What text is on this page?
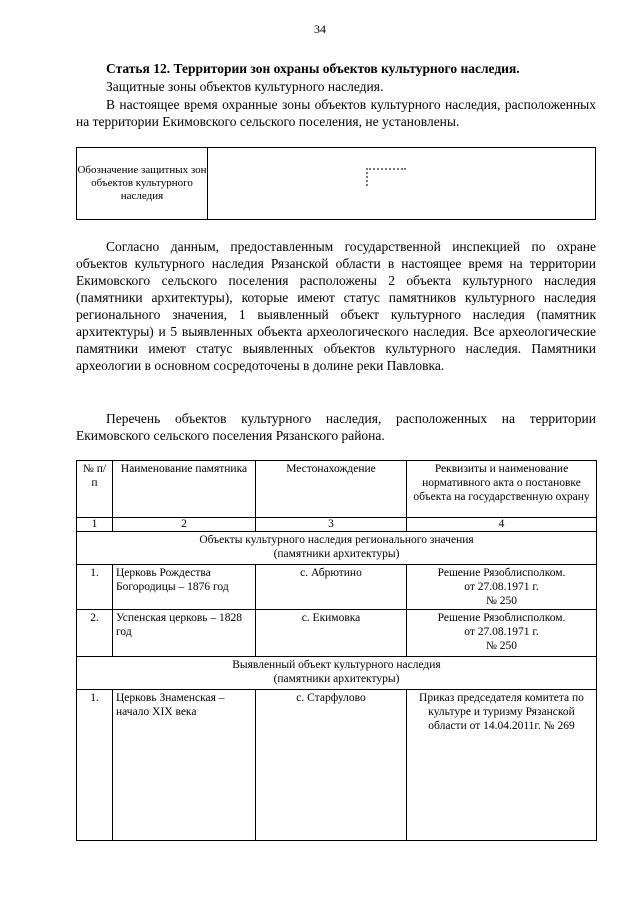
34
Статья 12. Территории зон охраны объектов культурного наследия.

Защитные зоны объектов культурного наследия.

В настоящее время охранные зоны объектов культурного наследия, расположенных на территории Екимовского сельского поселения, не установлены.

Обозначение защитных зон объектов культурного наследия	

Согласно данным, предоставленным государственной инспекцией по охране объектов культурного наследия Рязанской области в настоящее время на территории Екимовского сельского поселения расположены 2 объекта культурного наследия (памятники архитектуры), которые имеют статус памятников культурного наследия регионального значения, 1 выявленный объект культурного наследия (памятник архитектуры) и 5 выявленных объекта археологического наследия. Все археологические памятники имеют статус выявленных объектов культурного наследия. Памятники археологии в основном сосредоточены в долине реки Павловка.

Перечень объектов культурного наследия, расположенных на территории Екимовского сельского поселения Рязанского района.

№ п/п	Наименование памятника	Местонахождение	Реквизиты и наименование нормативного акта о постановке объекта на государственную охрану
1	2	3	4

Объекты культурного наследия регионального значения
(памятники архитектуры)			

1.	Церковь Рождества Богородицы – 1876 год	с. Абрютино	Решение Рязоблисполком.
от 27.08.1971 г.
№ 250

2.	Успенская церковь – 1828 год	с. Екимовка	Решение Рязоблисполком.
от 27.08.1971 г.
№ 250

Выявленный объект культурного наследия
(памятники архитектуры)			

1.	Церковь Знаменская – начало XIX века	с. Старфулово	Приказ председателя комитета по культуре и туризму Рязанской области от 14.04.2011г. № 269
